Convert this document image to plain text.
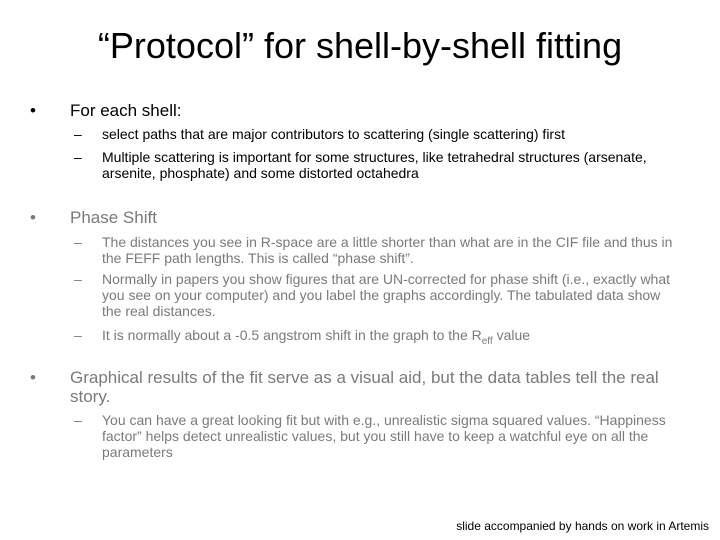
“Protocol” for shell-by-shell fitting
• For each shell:
– select paths that are major contributors to scattering (single scattering) first
– Multiple scattering is important for some structures, like tetrahedral structures (arsenate, arsenite, phosphate) and some distorted octahedra
• Phase Shift
– The distances you see in R-space are a little shorter than what are in the CIF file and thus in the FEFF path lengths. This is called “phase shift”.
– Normally in papers you show figures that are UN-corrected for phase shift (i.e., exactly what you see on your computer) and you label the graphs accordingly. The tabulated data show the real distances.
– It is normally about a -0.5 angstrom shift in the graph to the $R_{eff}$ value
• Graphical results of the fit serve as a visual aid, but the data tables tell the real story.
– You can have a great looking fit but with e.g., unrealistic sigma squared values. “Happiness factor” helps detect unrealistic values, but you still have to keep a watchful eye on all the parameters
slide accompanied by hands on work in Artemis
